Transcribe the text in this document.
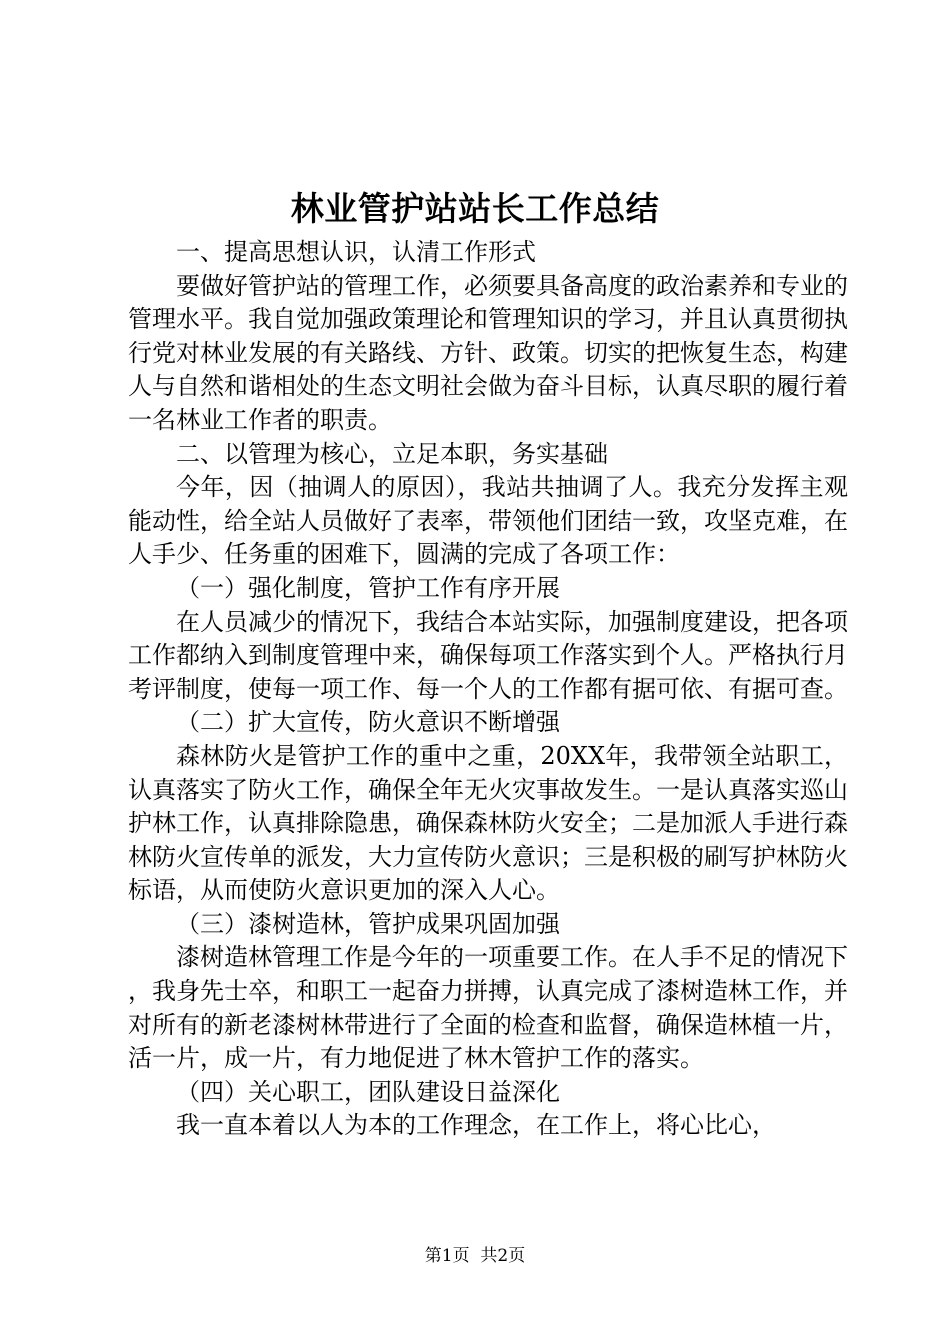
林业管护站站长工作总结

一、提高思想认识，认清工作形式

要做好管护站的管理工作，必须要具备高度的政治素养和专业的管理水平。我自觉加强政策理论和管理知识的学习，并且认真贯彻执行党对林业发展的有关路线、方针、政策。切实的把恢复生态，构建人与自然和谐相处的生态文明社会做为奋斗目标，认真尽职的履行着一名林业工作者的职责。

二、以管理为核心，立足本职，务实基础

今年，因（抽调人的原因），我站共抽调了人。我充分发挥主观能动性，给全站人员做好了表率，带领他们团结一致，攻坚克难，在人手少、任务重的困难下，圆满的完成了各项工作：

（一）强化制度，管护工作有序开展

在人员减少的情况下，我结合本站实际，加强制度建设，把各项工作都纳入到制度管理中来，确保每项工作落实到个人。严格执行月考评制度，使每一项工作、每一个人的工作都有据可依、有据可查。

（二）扩大宣传，防火意识不断增强

森林防火是管护工作的重中之重，20XX年，我带领全站职工，认真落实了防火工作，确保全年无火灾事故发生。一是认真落实巡山护林工作，认真排除隐患，确保森林防火安全；二是加派人手进行森林防火宣传单的派发，大力宣传防火意识；三是积极的刷写护林防火标语，从而使防火意识更加的深入人心。

（三）漆树造林，管护成果巩固加强

漆树造林管理工作是今年的一项重要工作。在人手不足的情况下，我身先士卒，和职工一起奋力拼搏，认真完成了漆树造林工作，并对所有的新老漆树林带进行了全面的检查和监督，确保造林植一片，活一片，成一片，有力地促进了林木管护工作的落实。

（四）关心职工，团队建设日益深化

我一直本着以人为本的工作理念，在工作上，将心比心，

第1页 共2页
